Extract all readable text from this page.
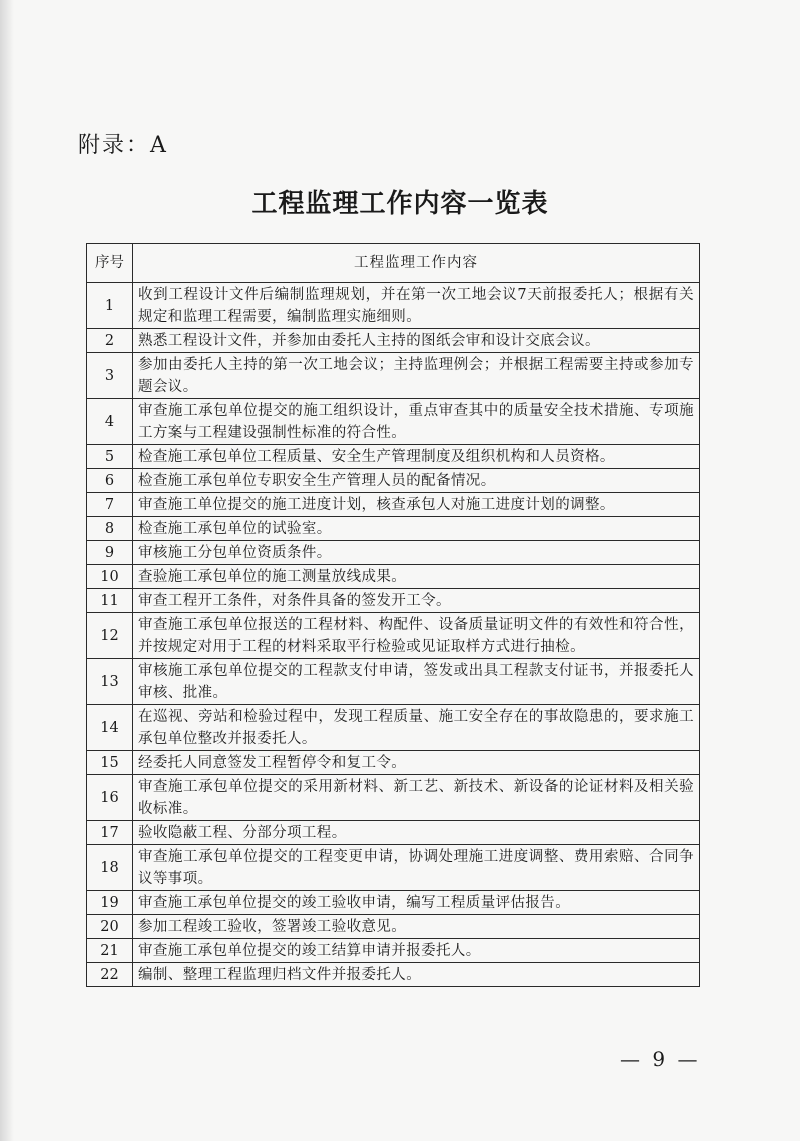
附录：A
工程监理工作内容一览表
序号	工程监理工作内容
1	收到工程设计文件后编制监理规划，并在第一次工地会议7天前报委托人；根据有关规定和监理工程需要，编制监理实施细则。
2	熟悉工程设计文件，并参加由委托人主持的图纸会审和设计交底会议。
3	参加由委托人主持的第一次工地会议；主持监理例会；并根据工程需要主持或参加专题会议。
4	审查施工承包单位提交的施工组织设计，重点审查其中的质量安全技术措施、专项施工方案与工程建设强制性标准的符合性。
5	检查施工承包单位工程质量、安全生产管理制度及组织机构和人员资格。
6	检查施工承包单位专职安全生产管理人员的配备情况。
7	审查施工单位提交的施工进度计划，核查承包人对施工进度计划的调整。
8	检查施工承包单位的试验室。
9	审核施工分包单位资质条件。
10	查验施工承包单位的施工测量放线成果。
11	审查工程开工条件，对条件具备的签发开工令。
12	审查施工承包单位报送的工程材料、构配件、设备质量证明文件的有效性和符合性，并按规定对用于工程的材料采取平行检验或见证取样方式进行抽检。
13	审核施工承包单位提交的工程款支付申请，签发或出具工程款支付证书，并报委托人审核、批准。
14	在巡视、旁站和检验过程中，发现工程质量、施工安全存在的事故隐患的，要求施工承包单位整改并报委托人。
15	经委托人同意签发工程暂停令和复工令。
16	审查施工承包单位提交的采用新材料、新工艺、新技术、新设备的论证材料及相关验收标准。
17	验收隐蔽工程、分部分项工程。
18	审查施工承包单位提交的工程变更申请，协调处理施工进度调整、费用索赔、合同争议等事项。
19	审查施工承包单位提交的竣工验收申请，编写工程质量评估报告。
20	参加工程竣工验收，签署竣工验收意见。
21	审查施工承包单位提交的竣工结算申请并报委托人。
22	编制、整理工程监理归档文件并报委托人。
— 9 —
